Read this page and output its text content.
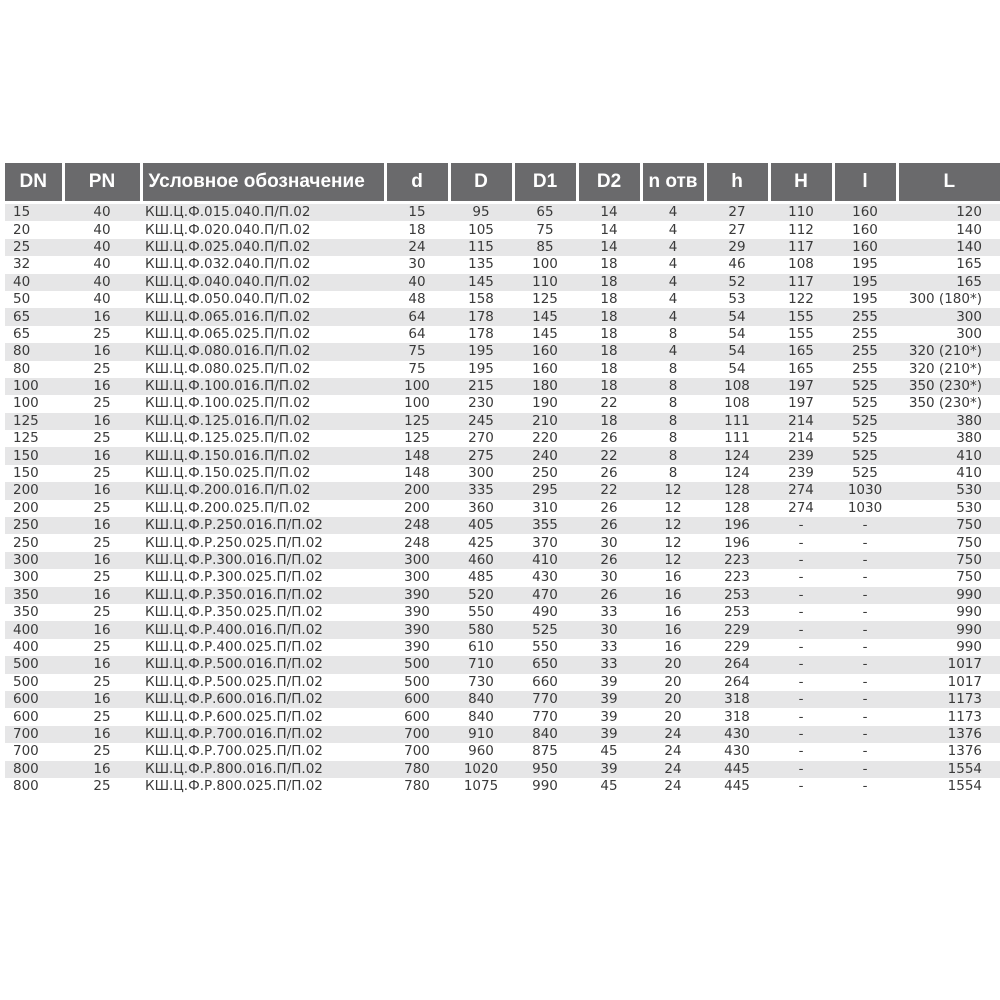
DN	PN	Условное обозначение	d	D	D1	D2	n отв	h	H	l	L
15	40	КШ.Ц.Ф.015.040.П/П.02	15	95	65	14	4	27	110	160	120
20	40	КШ.Ц.Ф.020.040.П/П.02	18	105	75	14	4	27	112	160	140
25	40	КШ.Ц.Ф.025.040.П/П.02	24	115	85	14	4	29	117	160	140
32	40	КШ.Ц.Ф.032.040.П/П.02	30	135	100	18	4	46	108	195	165
40	40	КШ.Ц.Ф.040.040.П/П.02	40	145	110	18	4	52	117	195	165
50	40	КШ.Ц.Ф.050.040.П/П.02	48	158	125	18	4	53	122	195	300 (180*)
65	16	КШ.Ц.Ф.065.016.П/П.02	64	178	145	18	4	54	155	255	300
65	25	КШ.Ц.Ф.065.025.П/П.02	64	178	145	18	8	54	155	255	300
80	16	КШ.Ц.Ф.080.016.П/П.02	75	195	160	18	4	54	165	255	320 (210*)
80	25	КШ.Ц.Ф.080.025.П/П.02	75	195	160	18	8	54	165	255	320 (210*)
100	16	КШ.Ц.Ф.100.016.П/П.02	100	215	180	18	8	108	197	525	350 (230*)
100	25	КШ.Ц.Ф.100.025.П/П.02	100	230	190	22	8	108	197	525	350 (230*)
125	16	КШ.Ц.Ф.125.016.П/П.02	125	245	210	18	8	111	214	525	380
125	25	КШ.Ц.Ф.125.025.П/П.02	125	270	220	26	8	111	214	525	380
150	16	КШ.Ц.Ф.150.016.П/П.02	148	275	240	22	8	124	239	525	410
150	25	КШ.Ц.Ф.150.025.П/П.02	148	300	250	26	8	124	239	525	410
200	16	КШ.Ц.Ф.200.016.П/П.02	200	335	295	22	12	128	274	1030	530
200	25	КШ.Ц.Ф.200.025.П/П.02	200	360	310	26	12	128	274	1030	530
250	16	КШ.Ц.Ф.Р.250.016.П/П.02	248	405	355	26	12	196	-	-	750
250	25	КШ.Ц.Ф.Р.250.025.П/П.02	248	425	370	30	12	196	-	-	750
300	16	КШ.Ц.Ф.Р.300.016.П/П.02	300	460	410	26	12	223	-	-	750
300	25	КШ.Ц.Ф.Р.300.025.П/П.02	300	485	430	30	16	223	-	-	750
350	16	КШ.Ц.Ф.Р.350.016.П/П.02	390	520	470	26	16	253	-	-	990
350	25	КШ.Ц.Ф.Р.350.025.П/П.02	390	550	490	33	16	253	-	-	990
400	16	КШ.Ц.Ф.Р.400.016.П/П.02	390	580	525	30	16	229	-	-	990
400	25	КШ.Ц.Ф.Р.400.025.П/П.02	390	610	550	33	16	229	-	-	990
500	16	КШ.Ц.Ф.Р.500.016.П/П.02	500	710	650	33	20	264	-	-	1017
500	25	КШ.Ц.Ф.Р.500.025.П/П.02	500	730	660	39	20	264	-	-	1017
600	16	КШ.Ц.Ф.Р.600.016.П/П.02	600	840	770	39	20	318	-	-	1173
600	25	КШ.Ц.Ф.Р.600.025.П/П.02	600	840	770	39	20	318	-	-	1173
700	16	КШ.Ц.Ф.Р.700.016.П/П.02	700	910	840	39	24	430	-	-	1376
700	25	КШ.Ц.Ф.Р.700.025.П/П.02	700	960	875	45	24	430	-	-	1376
800	16	КШ.Ц.Ф.Р.800.016.П/П.02	780	1020	950	39	24	445	-	-	1554
800	25	КШ.Ц.Ф.Р.800.025.П/П.02	780	1075	990	45	24	445	-	-	1554
